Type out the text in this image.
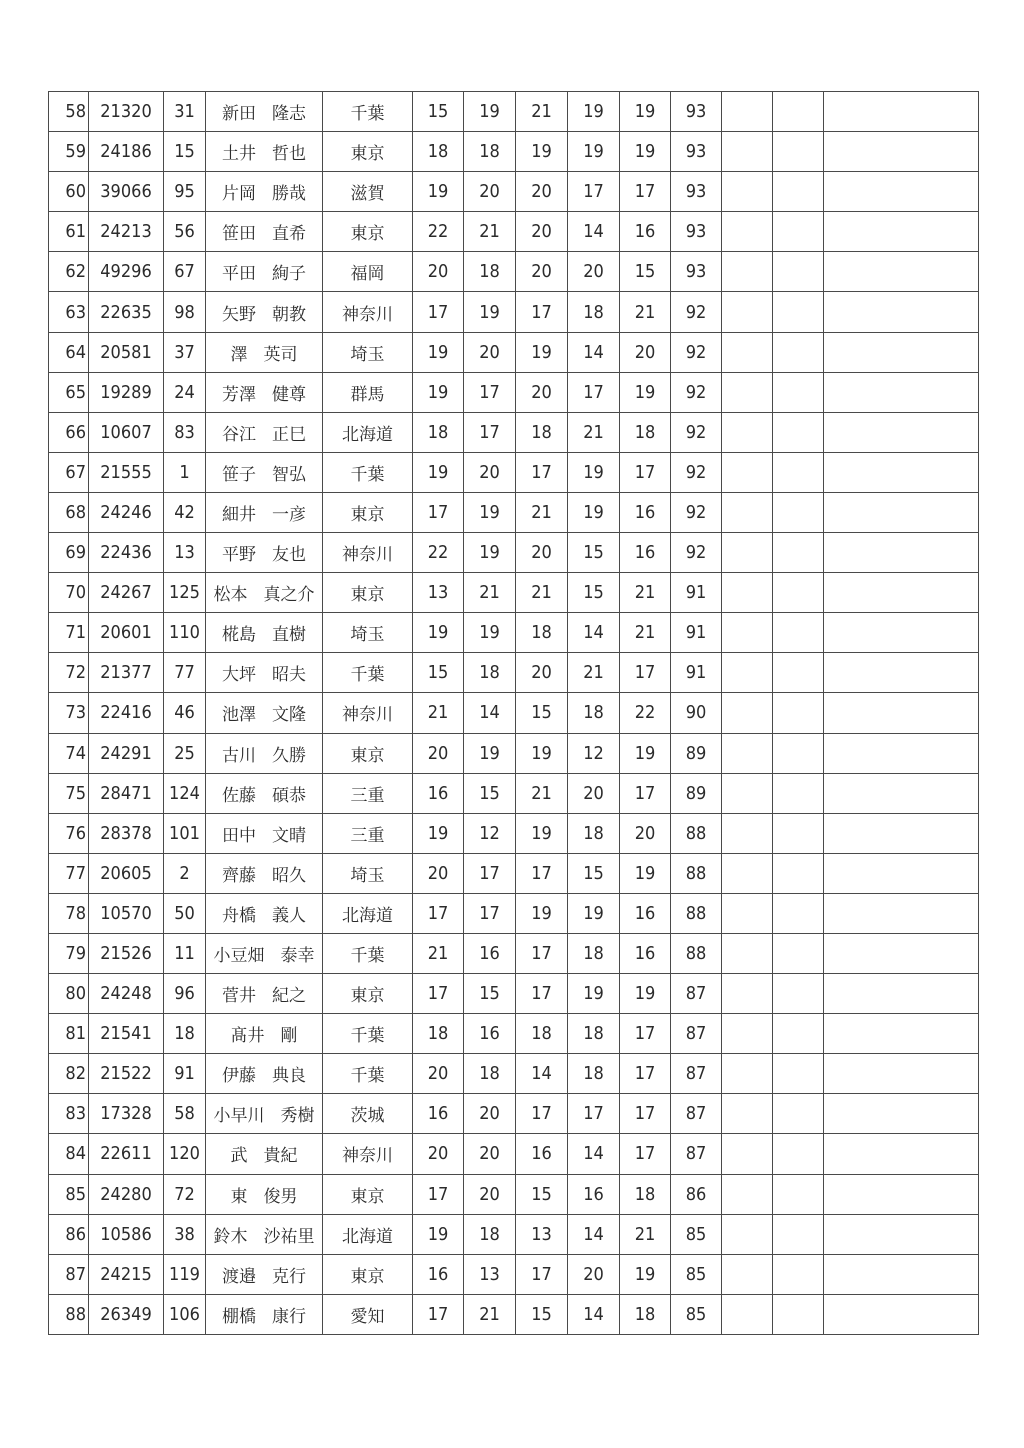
58	21320	31	新田 隆志	千葉	15	19	21	19	19	93			
59	24186	15	土井 哲也	東京	18	18	19	19	19	93			
60	39066	95	片岡 勝哉	滋賀	19	20	20	17	17	93			
61	24213	56	笹田 直希	東京	22	21	20	14	16	93			
62	49296	67	平田 絢子	福岡	20	18	20	20	15	93			
63	22635	98	矢野 朝教	神奈川	17	19	17	18	21	92			
64	20581	37	澤 英司	埼玉	19	20	19	14	20	92			
65	19289	24	芳澤 健尊	群馬	19	17	20	17	19	92			
66	10607	83	谷江 正巳	北海道	18	17	18	21	18	92			
67	21555	1	笹子 智弘	千葉	19	20	17	19	17	92			
68	24246	42	細井 一彦	東京	17	19	21	19	16	92			
69	22436	13	平野 友也	神奈川	22	19	20	15	16	92			
70	24267	125	松本 真之介	東京	13	21	21	15	21	91			
71	20601	110	椛島 直樹	埼玉	19	19	18	14	21	91			
72	21377	77	大坪 昭夫	千葉	15	18	20	21	17	91			
73	22416	46	池澤 文隆	神奈川	21	14	15	18	22	90			
74	24291	25	古川 久勝	東京	20	19	19	12	19	89			
75	28471	124	佐藤 碩恭	三重	16	15	21	20	17	89			
76	28378	101	田中 文晴	三重	19	12	19	18	20	88			
77	20605	2	齊藤 昭久	埼玉	20	17	17	15	19	88			
78	10570	50	舟橋 義人	北海道	17	17	19	19	16	88			
79	21526	11	小豆畑 泰幸	千葉	21	16	17	18	16	88			
80	24248	96	菅井 紀之	東京	17	15	17	19	19	87			
81	21541	18	髙井 剛	千葉	18	16	18	18	17	87			
82	21522	91	伊藤 典良	千葉	20	18	14	18	17	87			
83	17328	58	小早川 秀樹	茨城	16	20	17	17	17	87			
84	22611	120	武 貴紀	神奈川	20	20	16	14	17	87			
85	24280	72	東 俊男	東京	17	20	15	16	18	86			
86	10586	38	鈴木 沙祐里	北海道	19	18	13	14	21	85			
87	24215	119	渡邉 克行	東京	16	13	17	20	19	85			
88	26349	106	棚橋 康行	愛知	17	21	15	14	18	85			
